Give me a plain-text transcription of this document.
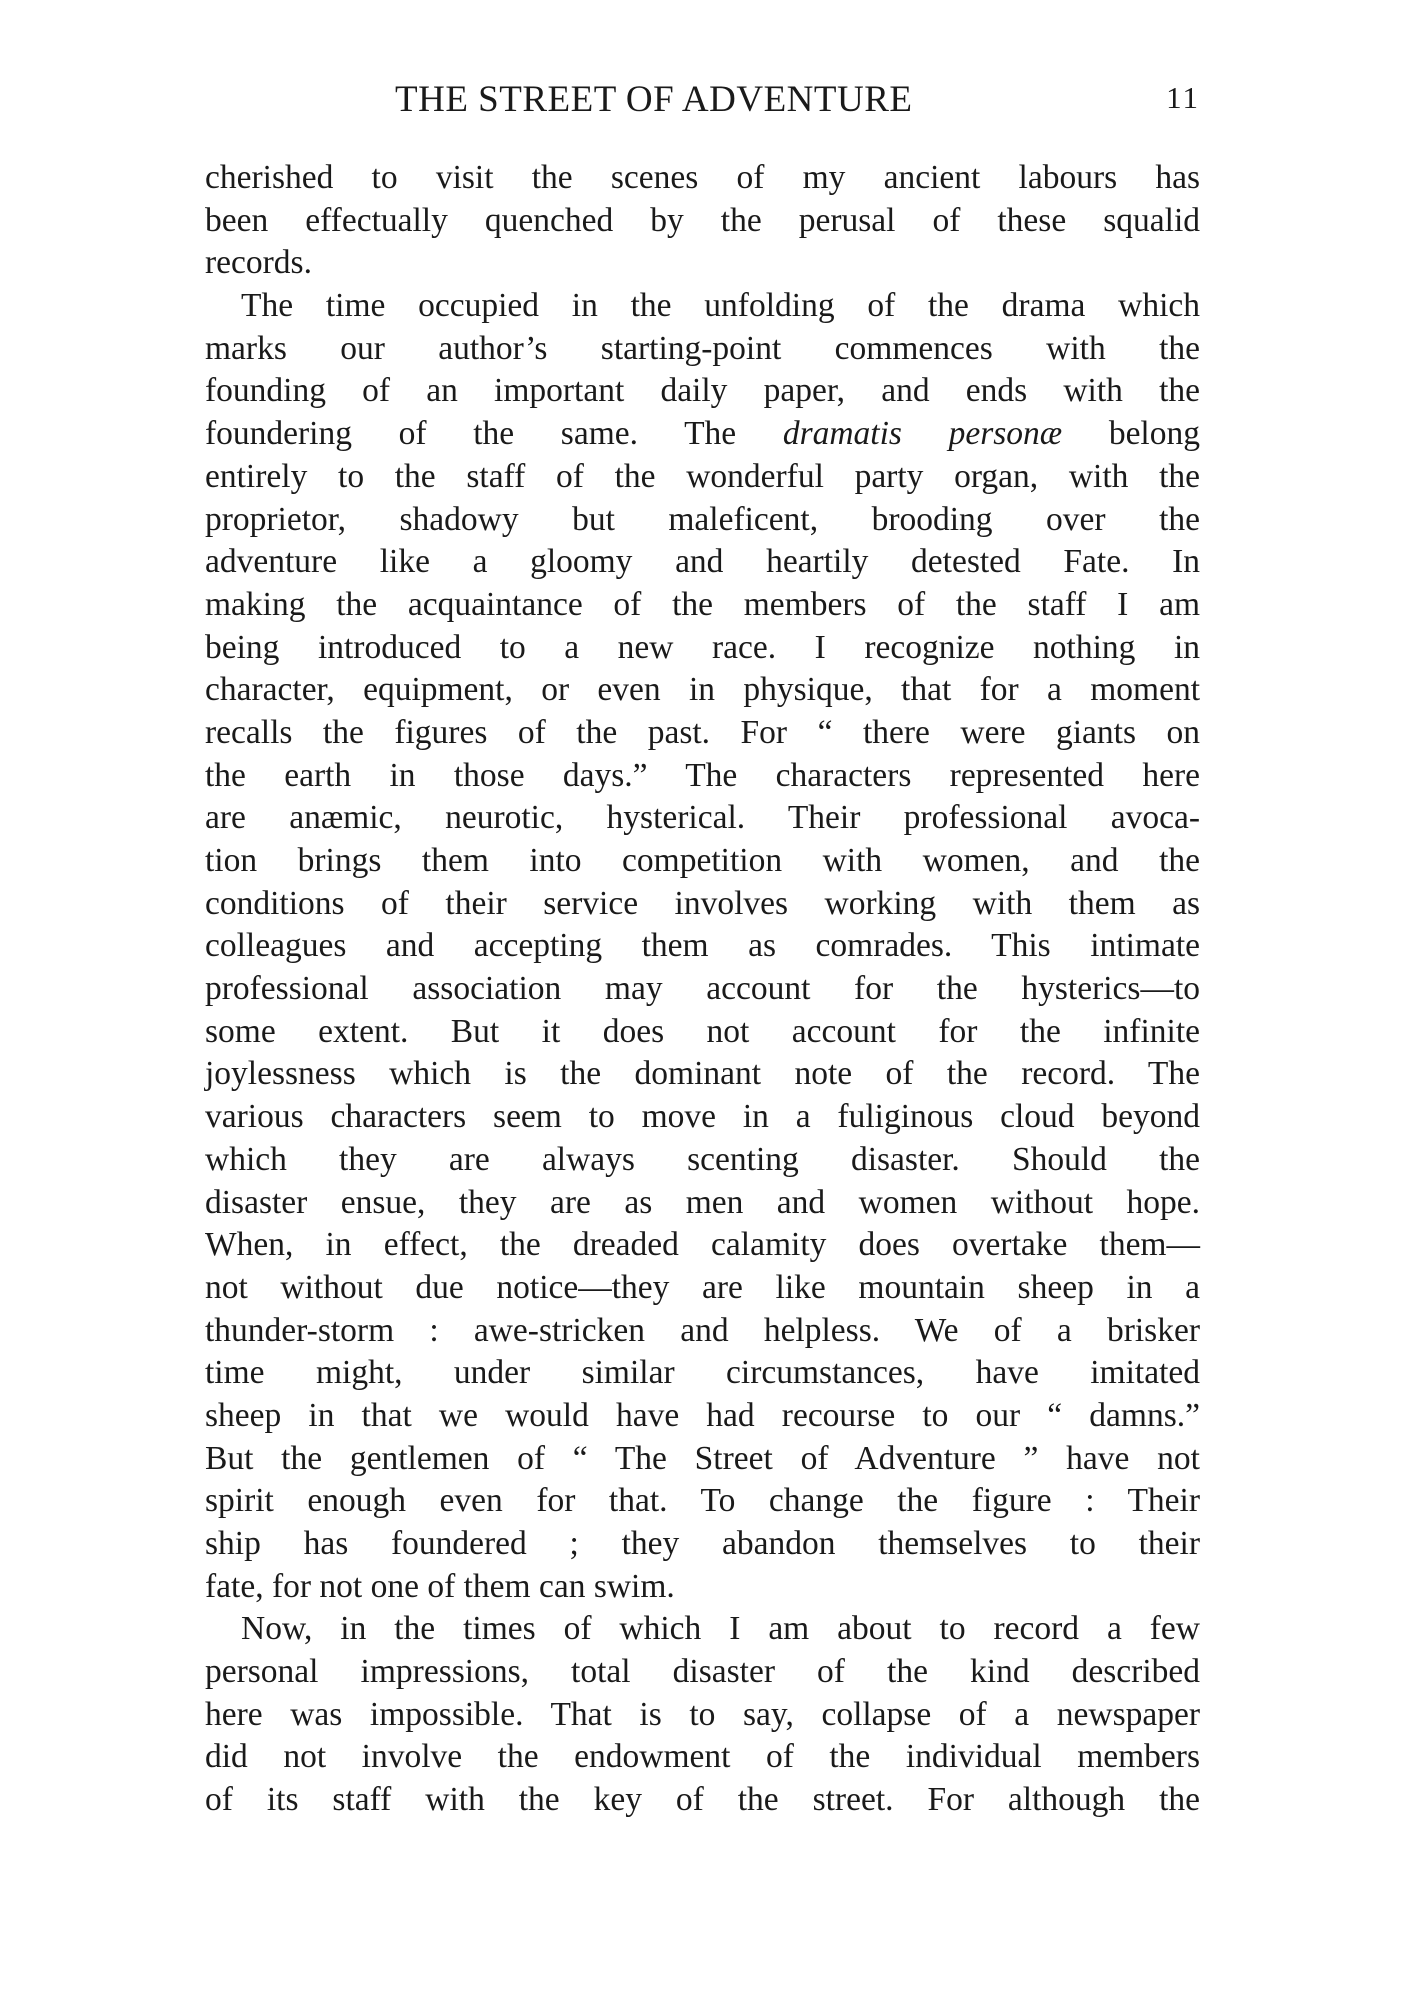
THE STREET OF ADVENTURE	11
cherished to visit the scenes of my ancient labours has
been effectually quenched by the perusal of these squalid
records.
The time occupied in the unfolding of the drama which
marks our author’s starting-point commences with the
founding of an important daily paper, and ends with the
foundering of the same. The dramatis personæ belong
entirely to the staff of the wonderful party organ, with the
proprietor, shadowy but maleficent, brooding over the
adventure like a gloomy and heartily detested Fate. In
making the acquaintance of the members of the staff I am
being introduced to a new race. I recognize nothing in
character, equipment, or even in physique, that for a moment
recalls the figures of the past. For “ there were giants on
the earth in those days.” The characters represented here
are anæmic, neurotic, hysterical. Their professional avoca-
tion brings them into competition with women, and the
conditions of their service involves working with them as
colleagues and accepting them as comrades. This intimate
professional association may account for the hysterics—to
some extent. But it does not account for the infinite
joylessness which is the dominant note of the record. The
various characters seem to move in a fuliginous cloud beyond
which they are always scenting disaster. Should the
disaster ensue, they are as men and women without hope.
When, in effect, the dreaded calamity does overtake them—
not without due notice—they are like mountain sheep in a
thunder-storm : awe-stricken and helpless. We of a brisker
time might, under similar circumstances, have imitated
sheep in that we would have had recourse to our “ damns.”
But the gentlemen of “ The Street of Adventure ” have not
spirit enough even for that. To change the figure : Their
ship has foundered ; they abandon themselves to their
fate, for not one of them can swim.
Now, in the times of which I am about to record a few
personal impressions, total disaster of the kind described
here was impossible. That is to say, collapse of a newspaper
did not involve the endowment of the individual members
of its staff with the key of the street. For although the
